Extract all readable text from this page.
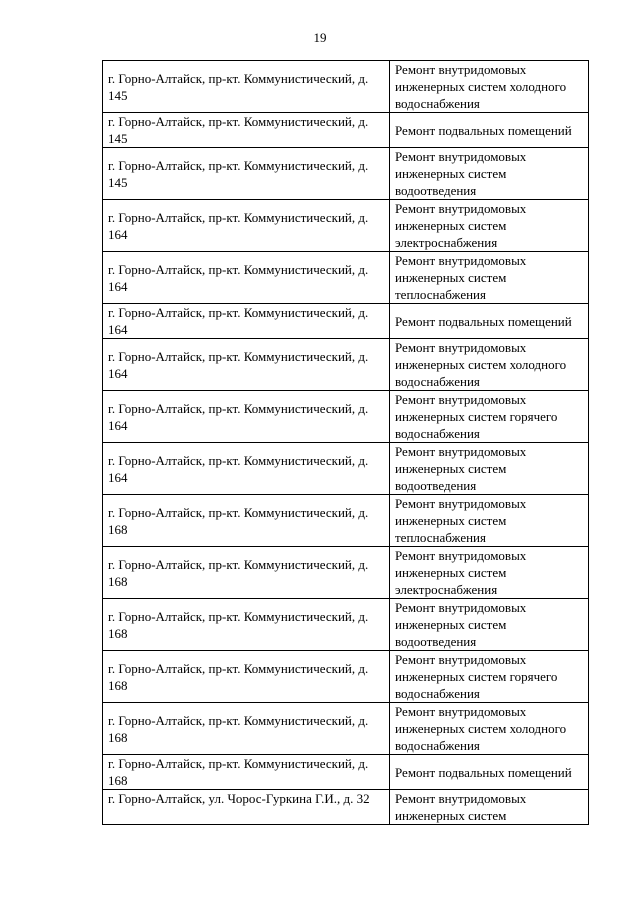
19
г. Горно-Алтайск, пр-кт. Коммунистический, д. 145	Ремонт внутридомовых инженерных систем холодного водоснабжения
г. Горно-Алтайск, пр-кт. Коммунистический, д. 145	Ремонт подвальных помещений
г. Горно-Алтайск, пр-кт. Коммунистический, д. 145	Ремонт внутридомовых инженерных систем водоотведения
г. Горно-Алтайск, пр-кт. Коммунистический, д. 164	Ремонт внутридомовых инженерных систем электроснабжения
г. Горно-Алтайск, пр-кт. Коммунистический, д. 164	Ремонт внутридомовых инженерных систем теплоснабжения
г. Горно-Алтайск, пр-кт. Коммунистический, д. 164	Ремонт подвальных помещений
г. Горно-Алтайск, пр-кт. Коммунистический, д. 164	Ремонт внутридомовых инженерных систем холодного водоснабжения
г. Горно-Алтайск, пр-кт. Коммунистический, д. 164	Ремонт внутридомовых инженерных систем горячего водоснабжения
г. Горно-Алтайск, пр-кт. Коммунистический, д. 164	Ремонт внутридомовых инженерных систем водоотведения
г. Горно-Алтайск, пр-кт. Коммунистический, д. 168	Ремонт внутридомовых инженерных систем теплоснабжения
г. Горно-Алтайск, пр-кт. Коммунистический, д. 168	Ремонт внутридомовых инженерных систем электроснабжения
г. Горно-Алтайск, пр-кт. Коммунистический, д. 168	Ремонт внутридомовых инженерных систем водоотведения
г. Горно-Алтайск, пр-кт. Коммунистический, д. 168	Ремонт внутридомовых инженерных систем горячего водоснабжения
г. Горно-Алтайск, пр-кт. Коммунистический, д. 168	Ремонт внутридомовых инженерных систем холодного водоснабжения
г. Горно-Алтайск, пр-кт. Коммунистический, д. 168	Ремонт подвальных помещений
г. Горно-Алтайск, ул. Чорос-Гуркина Г.И., д. 32	Ремонт внутридомовых инженерных систем
